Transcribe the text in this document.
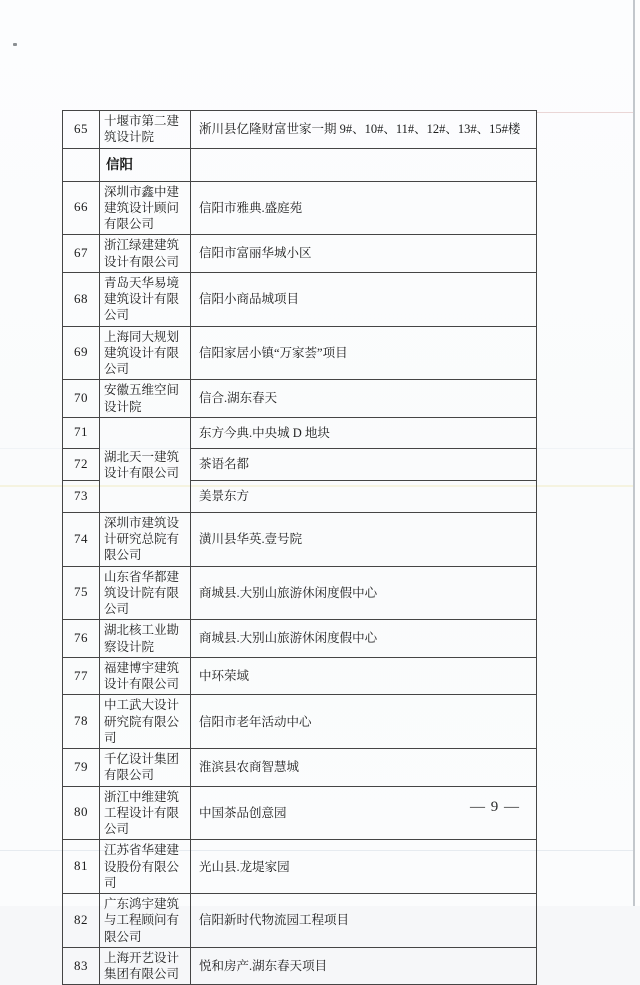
65	十堰市第二建筑设计院	淅川县亿隆财富世家一期 9#、10#、11#、12#、13#、15#楼
	信阳	
66	深圳市鑫中建建筑设计顾问有限公司	信阳市雅典.盛庭苑
67	浙江绿建建筑设计有限公司	信阳市富丽华城小区
68	青岛天华易境建筑设计有限公司	信阳小商品城项目
69	上海同大规划建筑设计有限公司	信阳家居小镇“万家荟”项目
70	安徽五维空间设计院	信合.湖东春天
71	湖北天一建筑设计有限公司	东方今典.中央城 D 地块
72		茶语名都
73		美景东方
74	深圳市建筑设计研究总院有限公司	潢川县华英.壹号院
75	山东省华都建筑设计院有限公司	商城县.大别山旅游休闲度假中心
76	湖北核工业勘察设计院	商城县.大别山旅游休闲度假中心
77	福建博宇建筑设计有限公司	中环荣域
78	中工武大设计研究院有限公司	信阳市老年活动中心
79	千亿设计集团有限公司	淮滨县农商智慧城
80	浙江中维建筑工程设计有限公司	中国茶品创意园
81	江苏省华建建设股份有限公司	光山县.龙堤家园
82	广东鸿宇建筑与工程顾问有限公司	信阳新时代物流园工程项目
83	上海开艺设计集团有限公司	悦和房产.湖东春天项目
— 9 —
